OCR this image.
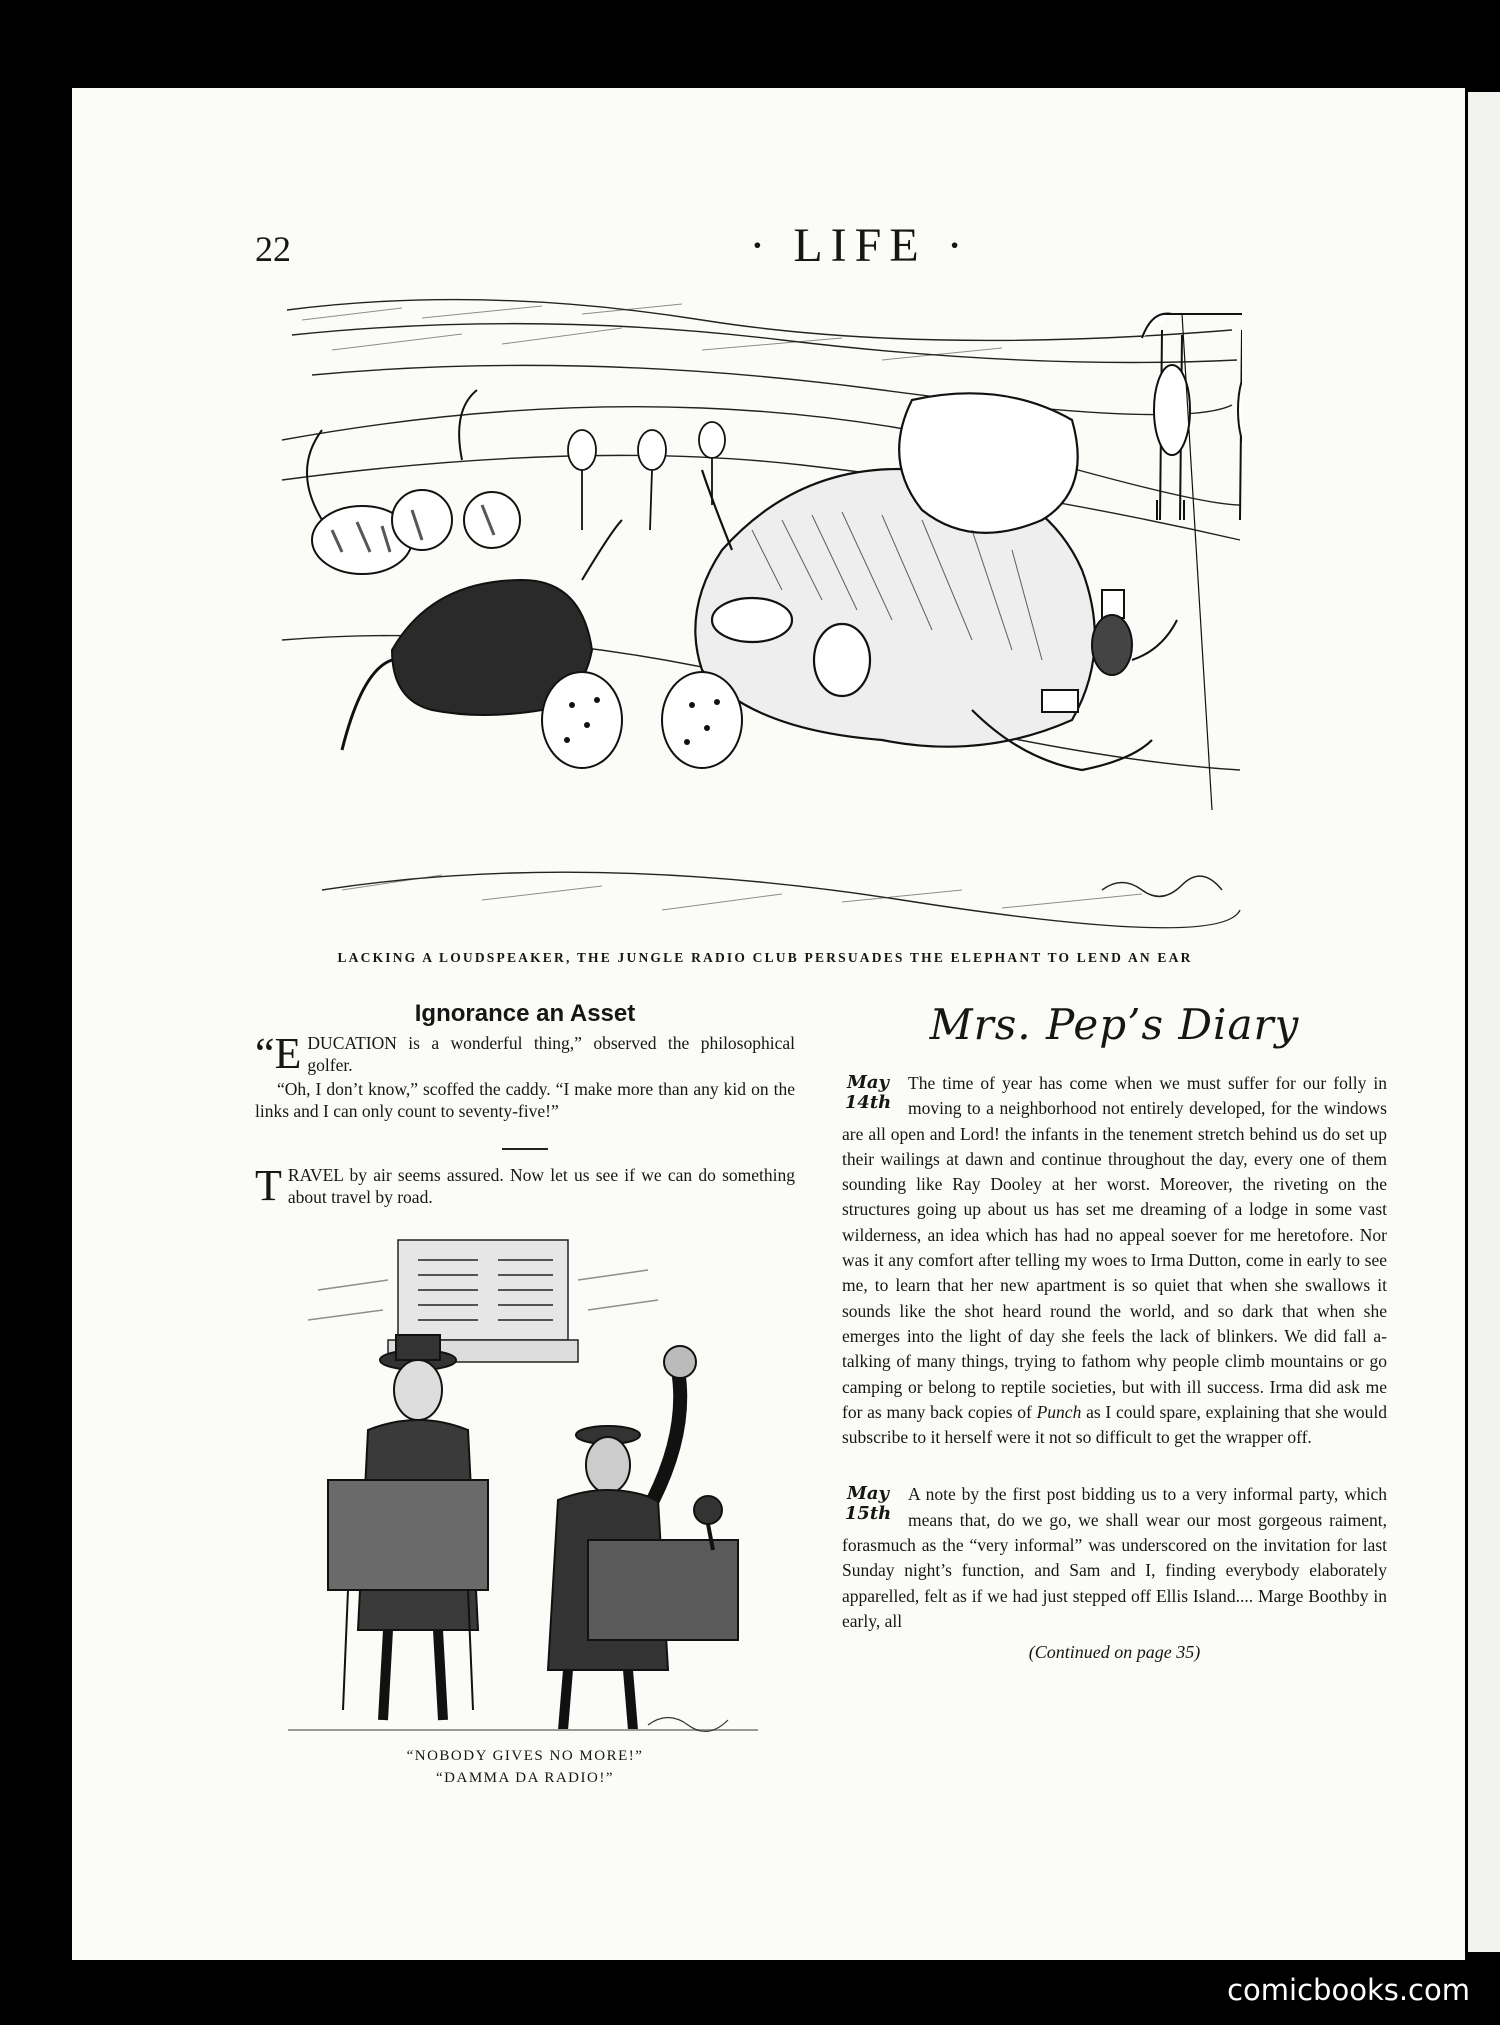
22	· LIFE ·
LACKING A LOUDSPEAKER, THE JUNGLE RADIO CLUB PERSUADES THE ELEPHANT TO LEND AN EAR
Ignorance an Asset

“E DUCATION is a wonderful thing,” observed the philosophical golfer.

“Oh, I don’t know,” scoffed the caddy. “I make more than any kid on the links and I can only count to seventy-five!”

TRAVEL by air seems assured. Now let us see if we can do something about travel by road.

“NOBODY GIVES NO MORE!”
“DAMMA DA RADIO!”
Mrs. Pep’s Diary
May
14th

The time of year has come when we must suffer for our folly in moving to a neighborhood not entirely developed, for the windows are all open and Lord! the infants in the tenement stretch behind us do set up their wailings at dawn and continue throughout the day, every one of them sounding like Ray Dooley at her worst. Moreover, the riveting on the structures going up about us has set me dreaming of a lodge in some vast wilderness, an idea which has had no appeal soever for me heretofore. Nor was it any comfort after telling my woes to Irma Dutton, come in early to see me, to learn that her new apartment is so quiet that when she swallows it sounds like the shot heard round the world, and so dark that when she emerges into the light of day she feels the lack of blinkers. We did fall a-talking of many things, trying to fathom why people climb mountains or go camping or belong to reptile societies, but with ill success. Irma did ask me for as many back copies of Punch as I could spare, explaining that she would subscribe to it herself were it not so difficult to get the wrapper off.

May
15th

A note by the first post bidding us to a very informal party, which means that, do we go, we shall wear our most gorgeous raiment, forasmuch as the “very informal” was underscored on the invitation for last Sunday night’s function, and Sam and I, finding everybody elaborately apparelled, felt as if we had just stepped off Ellis Island.... Marge Boothby in early, all

(Continued on page 35)
comicbooks.com
